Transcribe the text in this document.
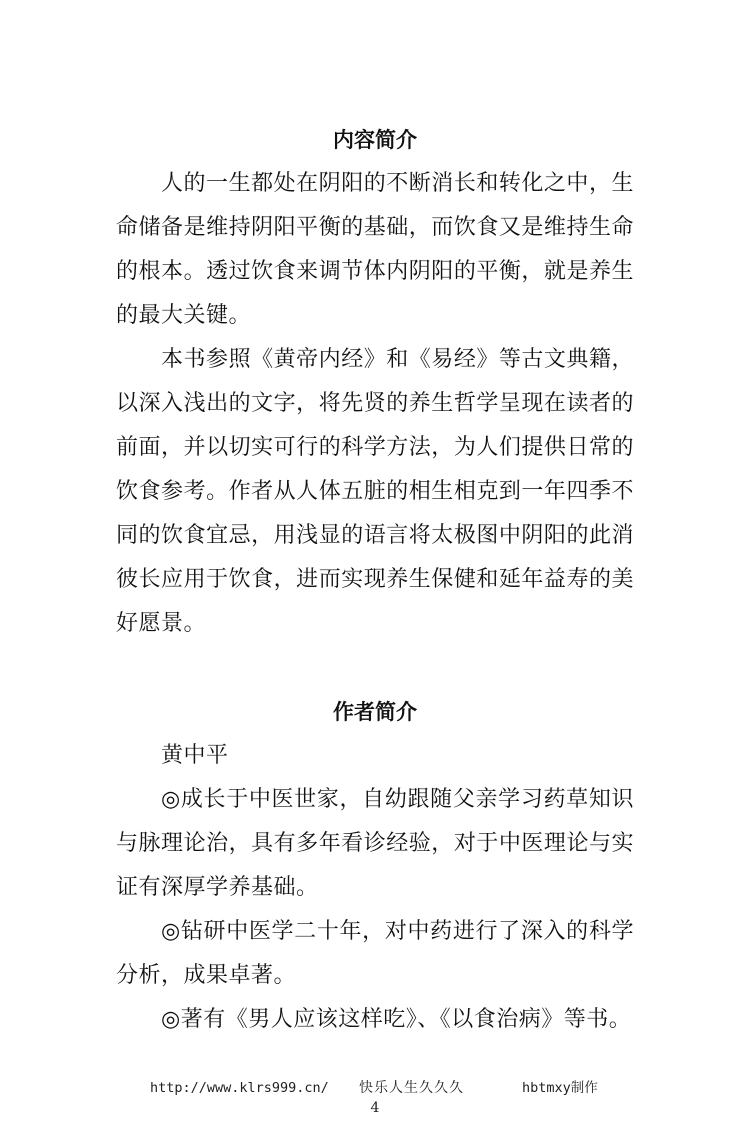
内容简介

人的一生都处在阴阳的不断消长和转化之中，生命储备是维持阴阳平衡的基础，而饮食又是维持生命的根本。透过饮食来调节体内阴阳的平衡，就是养生的最大关键。

本书参照《黄帝内经》和《易经》等古文典籍，以深入浅出的文字，将先贤的养生哲学呈现在读者的前面，并以切实可行的科学方法，为人们提供日常的饮食参考。作者从人体五脏的相生相克到一年四季不同的饮食宜忌，用浅显的语言将太极图中阴阳的此消彼长应用于饮食，进而实现养生保健和延年益寿的美好愿景。

作者简介

黄中平

◎成长于中医世家，自幼跟随父亲学习药草知识与脉理论治，具有多年看诊经验，对于中医理论与实证有深厚学养基础。

◎钻研中医学二十年，对中药进行了深入的科学分析，成果卓著。

◎著有《男人应该这样吃》、《以食治病》等书。

http://www.klrs999.cn/ 快乐人生久久久	hbtmxy制作
4
